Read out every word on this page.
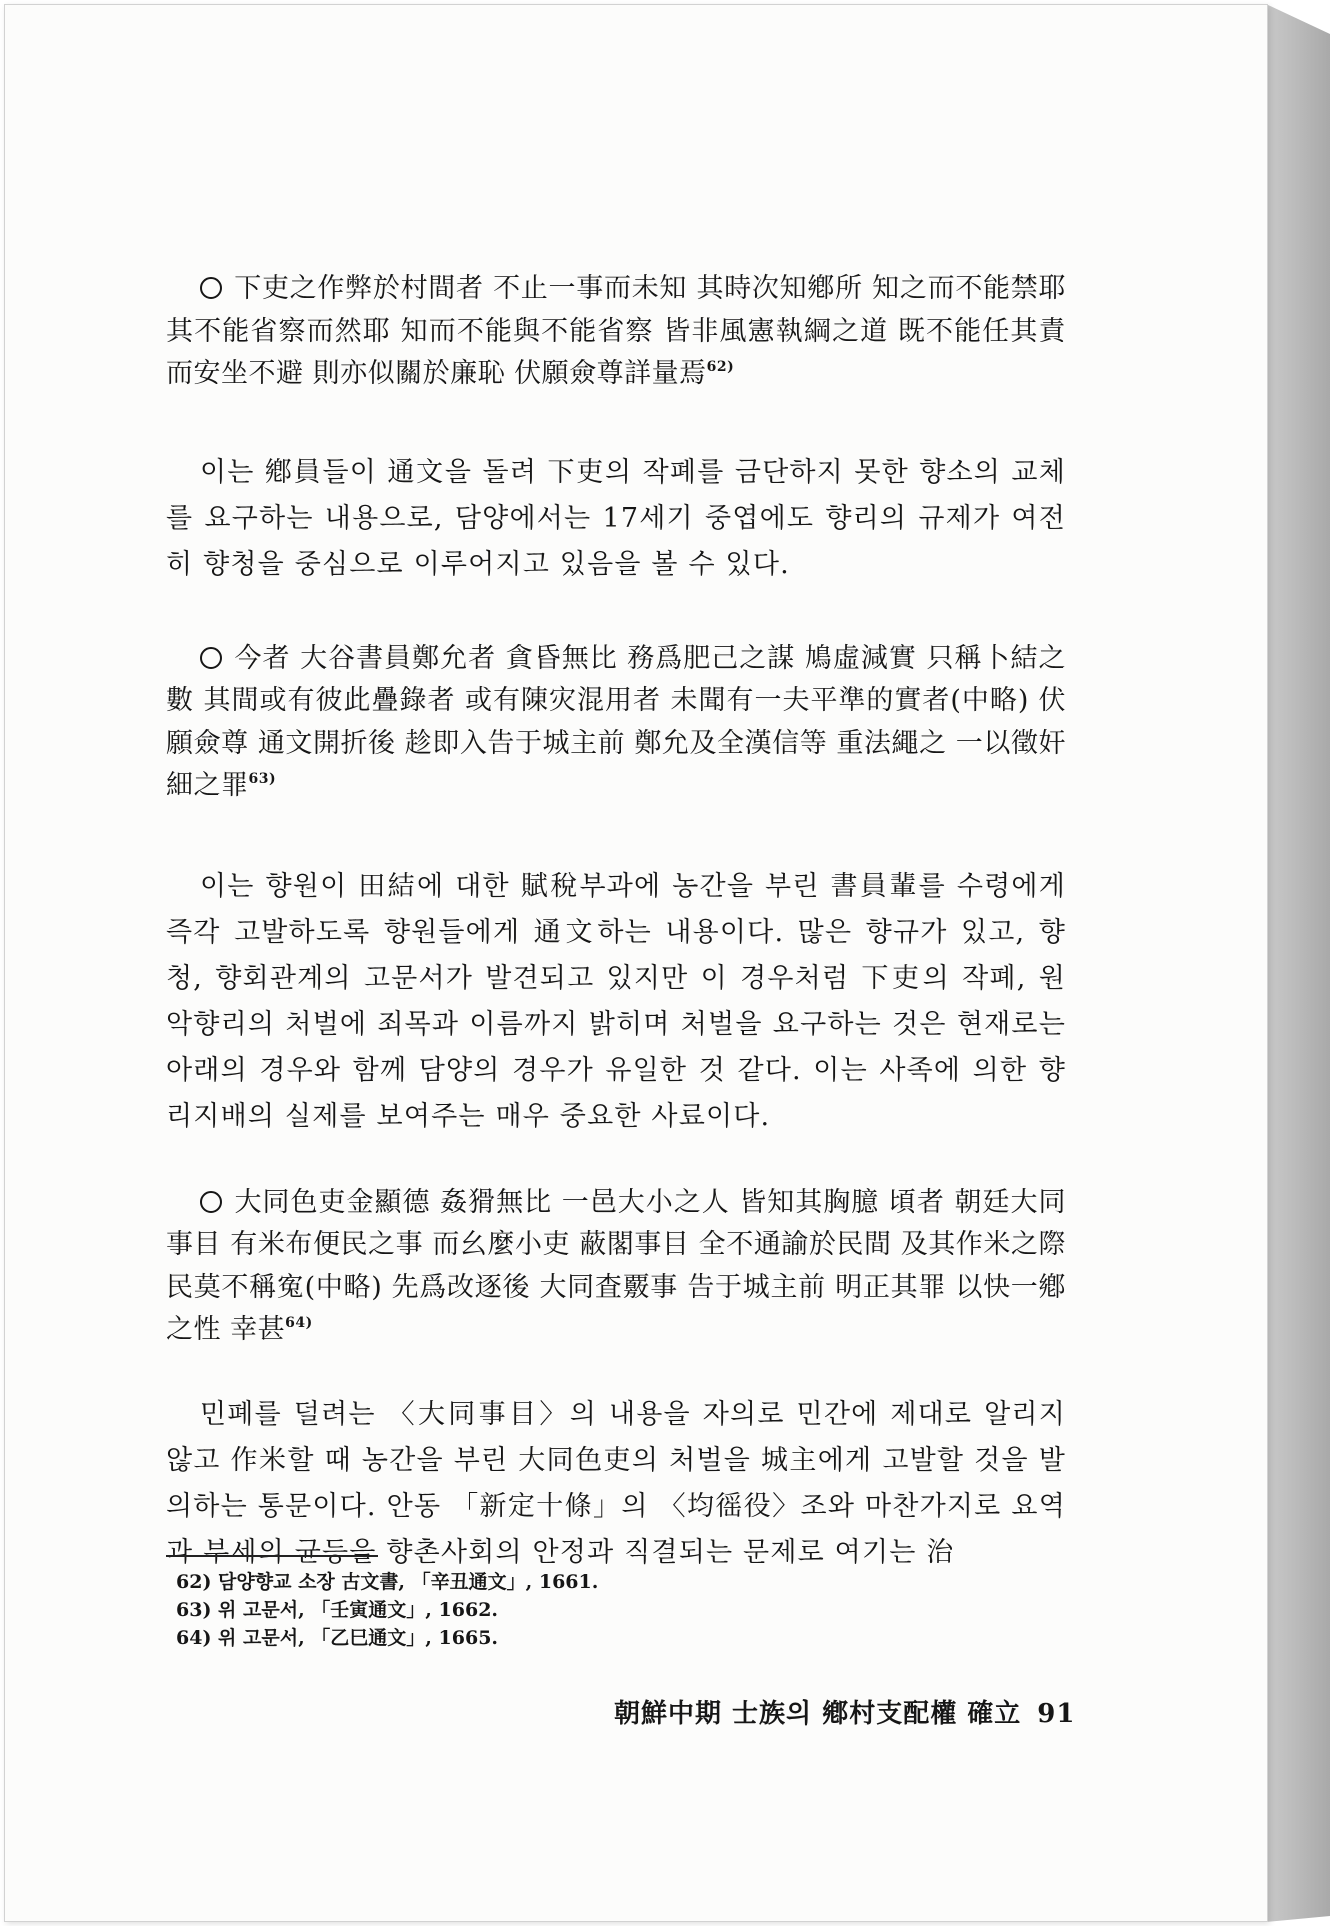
下吏之作弊於村間者 不止一事而未知 其時次知鄕所 知之而不能禁耶 其不能省察而然耶 知而不能與不能省察 皆非風憲執綱之道 既不能任其責 而安坐不避 則亦似關於廉恥 伏願僉尊詳量焉$^{62)}$

이는 鄕員들이 通文을 돌려 下吏의 작폐를 금단하지 못한 향소의 교체를 요구하는 내용으로, 담양에서는 17세기 중엽에도 향리의 규제가 여전히 향청을 중심으로 이루어지고 있음을 볼 수 있다.

今者 大谷書員鄭允者 貪昏無比 務爲肥己之謀 鳩虛減實 只稱卜結之數 其間或有彼此疊錄者 或有陳灾混用者 未聞有一夫平準的實者(中略) 伏願僉尊 通文開折後 趁即入告于城主前 鄭允及全漢信等 重法繩之 一以徵奸細之罪$^{63)}$

이는 향원이 田結에 대한 賦稅부과에 농간을 부린 書員輩를 수령에게 즉각 고발하도록 향원들에게 通文하는 내용이다. 많은 향규가 있고, 향청, 향회관계의 고문서가 발견되고 있지만 이 경우처럼 下吏의 작폐, 원악향리의 처벌에 죄목과 이름까지 밝히며 처벌을 요구하는 것은 현재로는 아래의 경우와 함께 담양의 경우가 유일한 것 같다. 이는 사족에 의한 향리지배의 실제를 보여주는 매우 중요한 사료이다.

大同色吏金顯德 姦猾無比 一邑大小之人 皆知其胸臆 頃者 朝廷大同事目 有米布便民之事 而幺麼小吏 蔽閣事目 全不通諭於民間 及其作米之際 民莫不稱寃(中略) 先爲改逐後 大同査覈事 告于城主前 明正其罪 以快一鄕之性 幸甚$^{64)}$

민폐를 덜려는 〈大同事目〉의 내용을 자의로 민간에 제대로 알리지 않고 作米할 때 농간을 부린 大同色吏의 처벌을 城主에게 고발할 것을 발의하는 통문이다. 안동 「新定十條」의 〈均徭役〉조와 마찬가지로 요역과 부세의 균등을 향촌사회의 안정과 직결되는 문제로 여기는 治

62) 담양향교 소장 古文書, 「辛丑通文」, 1661.
63) 위 고문서, 「壬寅通文」, 1662.
64) 위 고문서, 「乙巳通文」, 1665.
朝鮮中期 士族의 鄕村支配權 確立 91
